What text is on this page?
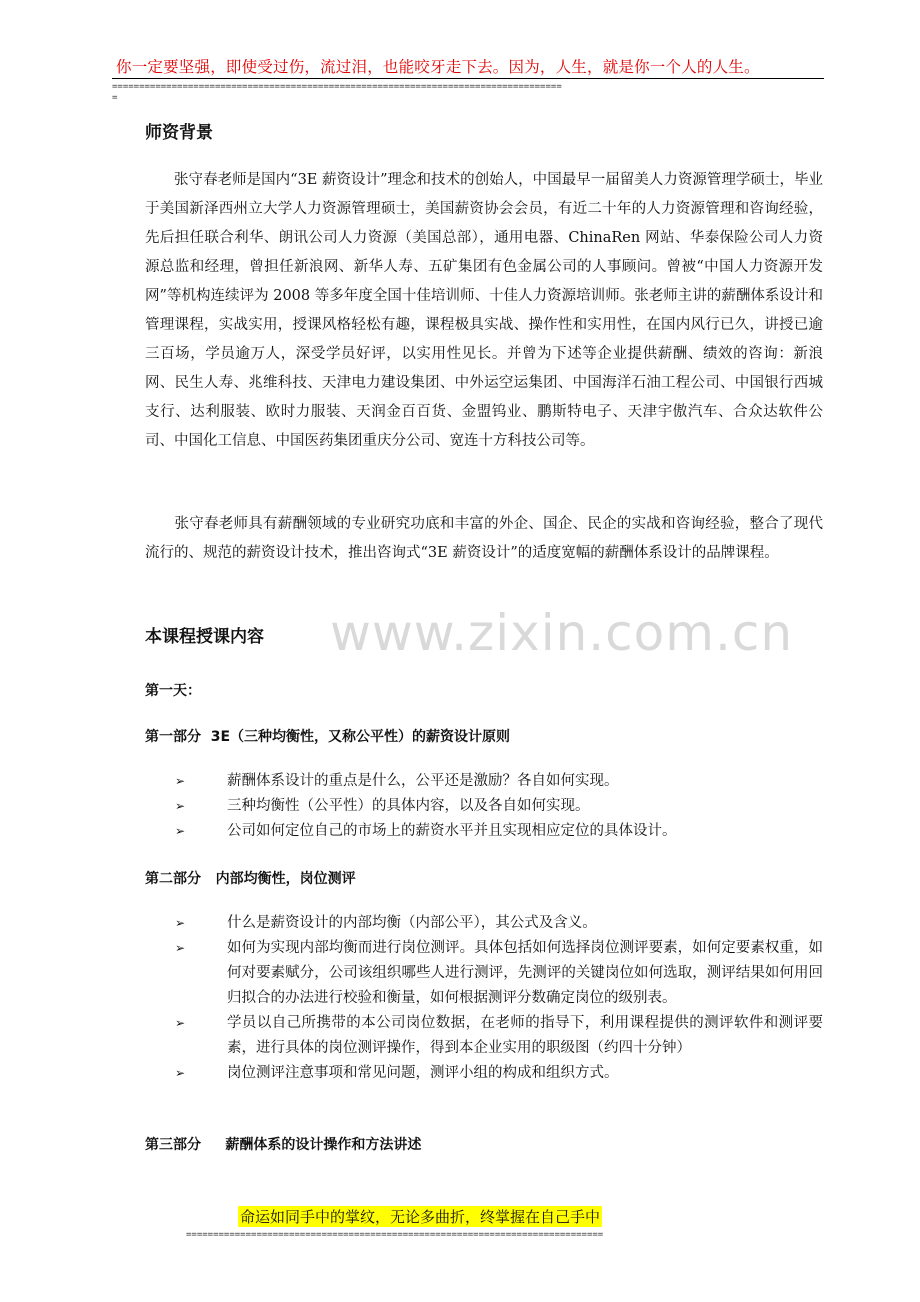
你一定要坚强，即使受过伤，流过泪，也能咬牙走下去。因为，人生，就是你一个人的人生。
===================================================================================
=
www.zixin.com.cn
师资背景

　　张守春老师是国内“3E 薪资设计”理念和技术的创始人，中国最早一届留美人力资源管理学硕士，毕业于美国新泽西州立大学人力资源管理硕士，美国薪资协会会员，有近二十年的人力资源管理和咨询经验，先后担任联合利华、朗讯公司人力资源（美国总部），通用电器、ChinaRen 网站、华泰保险公司人力资源总监和经理，曾担任新浪网、新华人寿、五矿集团有色金属公司的人事顾问。曾被“中国人力资源开发网”等机构连续评为 2008 等多年度全国十佳培训师、十佳人力资源培训师。张老师主讲的薪酬体系设计和管理课程，实战实用，授课风格轻松有趣，课程极具实战、操作性和实用性，在国内风行已久，讲授已逾三百场，学员逾万人，深受学员好评，以实用性见长。并曾为下述等企业提供薪酬、绩效的咨询：新浪网、民生人寿、兆维科技、天津电力建设集团、中外运空运集团、中国海洋石油工程公司、中国银行西城支行、达利服装、欧时力服装、天润金百百货、金盟钨业、鹏斯特电子、天津宇傲汽车、合众达软件公司、中国化工信息、中国医药集团重庆分公司、宽连十方科技公司等。

　　张守春老师具有薪酬领域的专业研究功底和丰富的外企、国企、民企的实战和咨询经验，整合了现代流行的、规范的薪资设计技术，推出咨询式“3E 薪资设计”的适度宽幅的薪酬体系设计的品牌课程。

本课程授课内容
第一天：
第一部分  3E（三种均衡性，又称公平性）的薪资设计原则
➢	薪酬体系设计的重点是什么，公平还是激励？各自如何实现。
➢	三种均衡性（公平性）的具体内容，以及各自如何实现。
➢	公司如何定位自己的市场上的薪资水平并且实现相应定位的具体设计。
第二部分   内部均衡性，岗位测评
➢	什么是薪资设计的内部均衡（内部公平），其公式及含义。
➢	如何为实现内部均衡而进行岗位测评。具体包括如何选择岗位测评要素，如何定要素权重，如何对要素赋分，公司该组织哪些人进行测评，先测评的关键岗位如何选取，测评结果如何用回归拟合的办法进行校验和衡量，如何根据测评分数确定岗位的级别表。
➢	学员以自己所携带的本公司岗位数据，在老师的指导下，利用课程提供的测评软件和测评要素，进行具体的岗位测评操作，得到本企业实用的职级图（约四十分钟）
➢	岗位测评注意事项和常见问题，测评小组的构成和组织方式。
第三部分     薪酬体系的设计操作和方法讲述
命运如同手中的掌纹，无论多曲折，终掌握在自己手中
=============================================================================
